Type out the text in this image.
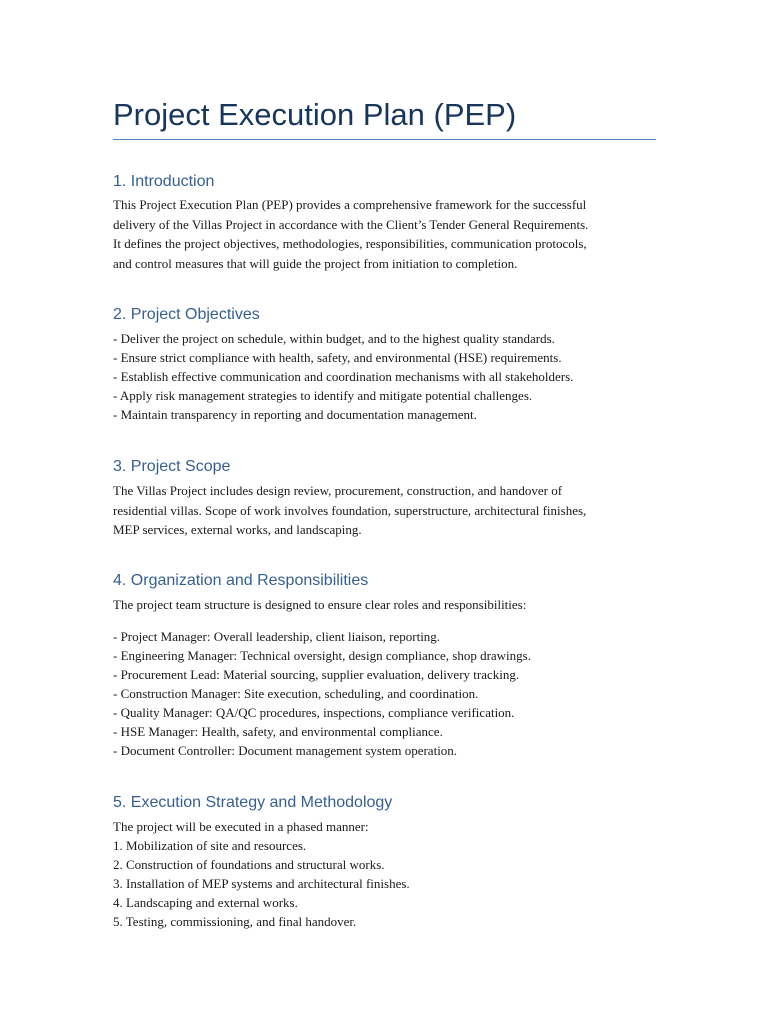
Project Execution Plan (PEP)
1. Introduction

This Project Execution Plan (PEP) provides a comprehensive framework for the successful

delivery of the Villas Project in accordance with the Client’s Tender General Requirements.

It defines the project objectives, methodologies, responsibilities, communication protocols,

and control measures that will guide the project from initiation to completion.

2. Project Objectives

- Deliver the project on schedule, within budget, and to the highest quality standards.

- Ensure strict compliance with health, safety, and environmental (HSE) requirements.

- Establish effective communication and coordination mechanisms with all stakeholders.

- Apply risk management strategies to identify and mitigate potential challenges.

- Maintain transparency in reporting and documentation management.

3. Project Scope

The Villas Project includes design review, procurement, construction, and handover of

residential villas. Scope of work involves foundation, superstructure, architectural finishes,

MEP services, external works, and landscaping.

4. Organization and Responsibilities

The project team structure is designed to ensure clear roles and responsibilities:

- Project Manager: Overall leadership, client liaison, reporting.

- Engineering Manager: Technical oversight, design compliance, shop drawings.

- Procurement Lead: Material sourcing, supplier evaluation, delivery tracking.

- Construction Manager: Site execution, scheduling, and coordination.

- Quality Manager: QA/QC procedures, inspections, compliance verification.

- HSE Manager: Health, safety, and environmental compliance.

- Document Controller: Document management system operation.

5. Execution Strategy and Methodology

The project will be executed in a phased manner:

1. Mobilization of site and resources.

2. Construction of foundations and structural works.

3. Installation of MEP systems and architectural finishes.

4. Landscaping and external works.

5. Testing, commissioning, and final handover.
